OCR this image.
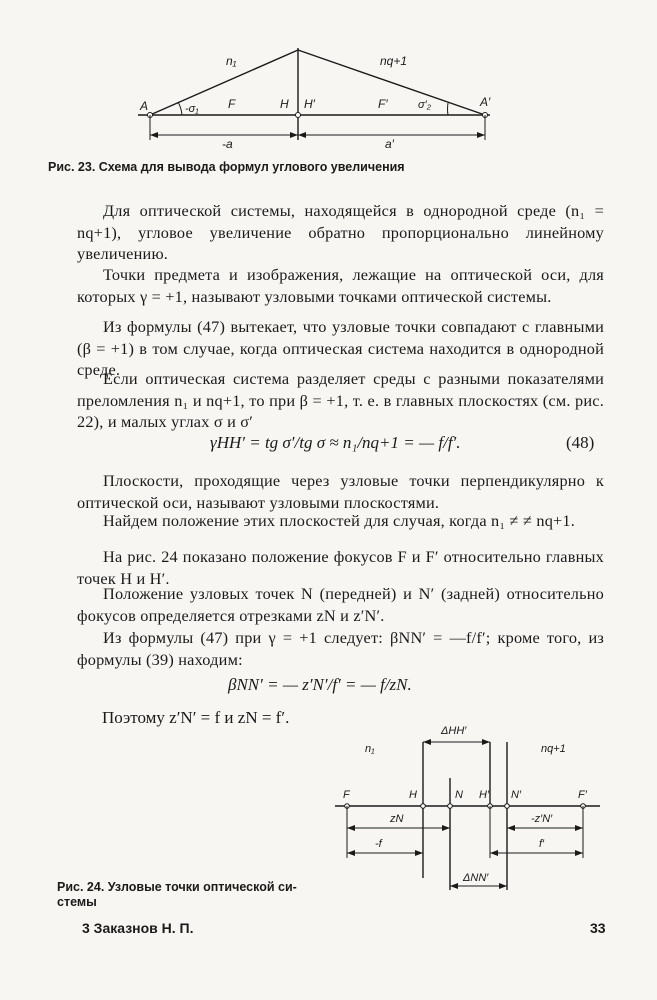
n₁	nq+1
A	-σ₁ F	H H′	F′	σ′₂	A′
-a	a′
Рис. 23. Схема для вывода формул углового увеличения
Для оптической системы, находящейся в однородной среде (n₁ = nq+1), угловое увеличение обратно пропорционально линейному увеличению.
Точки предмета и изображения, лежащие на оптической оси, для которых γ = +1, называют узловыми точками оптической системы.
Из формулы (47) вытекает, что узловые точки совпадают с главными (β = +1) в том случае, когда оптическая система находится в однородной среде.
Если оптическая система разделяет среды с разными показателями преломления n₁ и nq+1, то при β = +1, т. е. в главных плоскостях (см. рис. 22), и малых углах σ и σ′
γHH′ = tg σ′/tg σ ≈ n₁/nq+1 = — f/f′.	(48)
Плоскости, проходящие через узловые точки перпендикулярно к оптической оси, называют узловыми плоскостями.
Найдем положение этих плоскостей для случая, когда n₁ ≠ ≠ nq+1.
На рис. 24 показано положение фокусов F и F′ относительно главных точек H и H′.
Положение узловых точек N (передней) и N′ (задней) относительно фокусов определяется отрезками zN и z′N′.
Из формулы (47) при γ = +1 следует: βNN′ = —f/f′; кроме того, из формулы (39) находим:
βNN′ = — z′N′/f′ = — f/zN.
Поэтому z′N′ = f и zN = f′.
ΔHH′
n₁	nq+1
F	H	N H′ N′	F′
zN
-f
-z′N′
f′
ΔNN′
Рис. 24. Узловые точки оптической си-
стемы
3 Заказнов Н. П.	33
